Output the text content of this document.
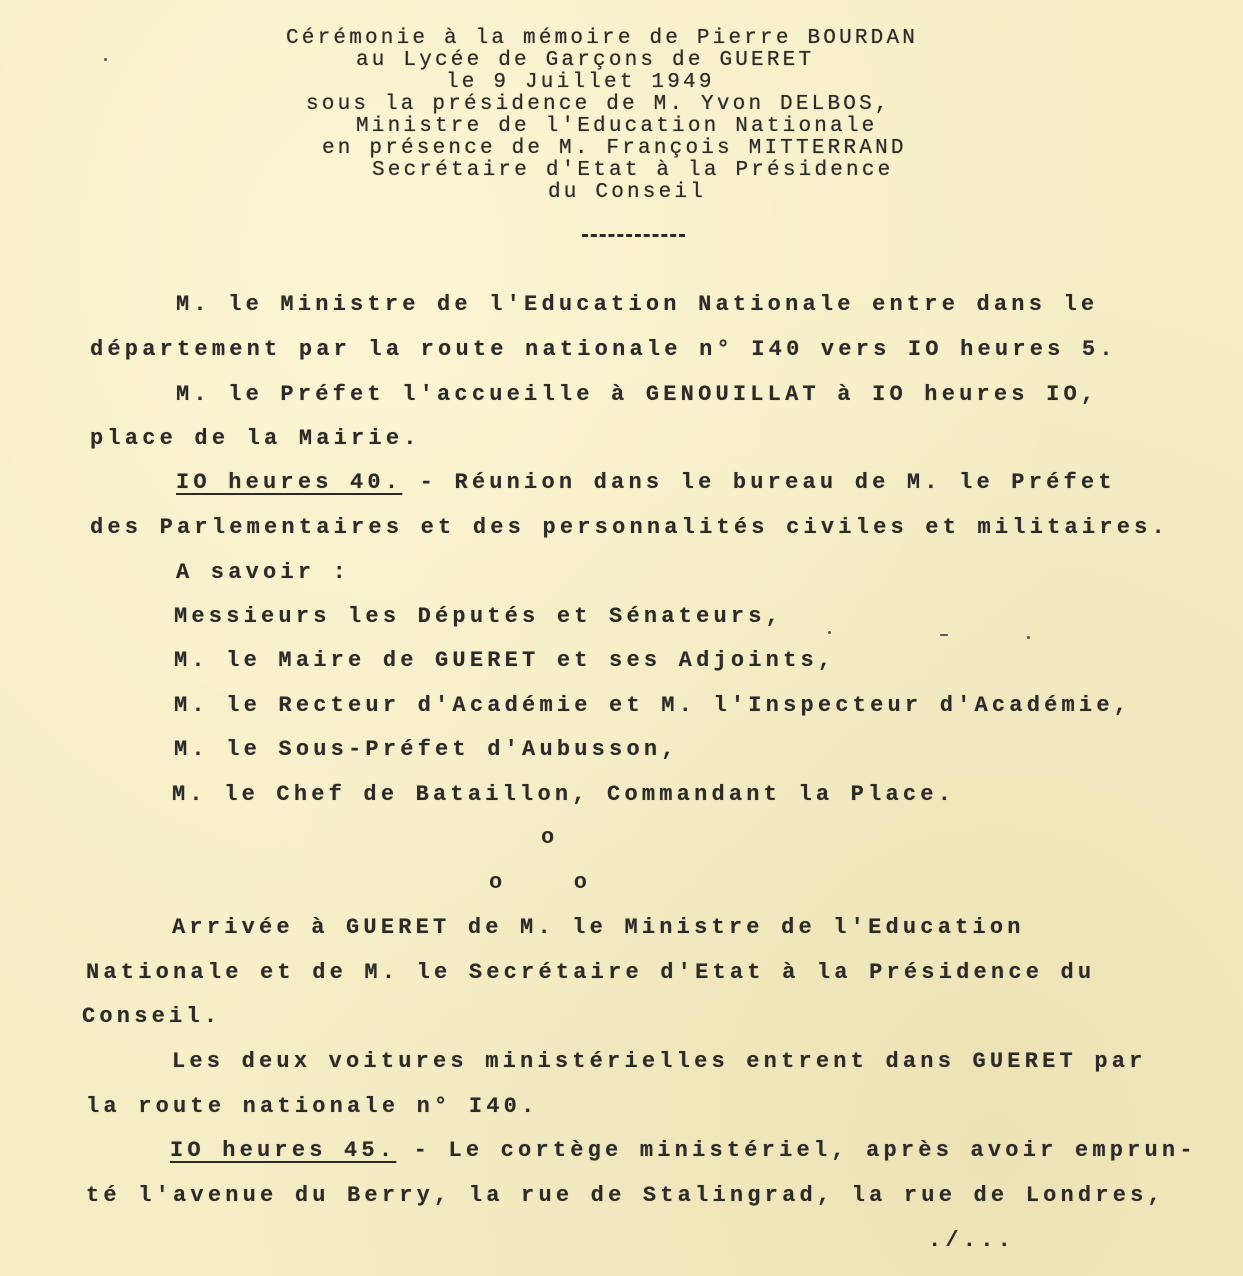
Cérémonie à la mémoire de Pierre BOURDAN
au Lycée de Garçons de GUERET
le 9 Juillet 1949
sous la présidence de M. Yvon DELBOS,
Ministre de l'Education Nationale
en présence de M. François MITTERRAND
Secrétaire d'Etat à la Présidence
du Conseil
M. le Ministre de l'Education Nationale entre dans le
département par la route nationale n° I40 vers IO heures 5.
M. le Préfet l'accueille à GENOUILLAT à IO heures IO,
place de la Mairie.
IO heures 40. - Réunion dans le bureau de M. le Préfet
des Parlementaires et des personnalités civiles et militaires.
A savoir :
Messieurs les Députés et Sénateurs,
M. le Maire de GUERET et ses Adjoints,
M. le Recteur d'Académie et M. l'Inspecteur d'Académie,
M. le Sous-Préfet d'Aubusson,
M. le Chef de Bataillon, Commandant la Place.
o
o   o
Arrivée à GUERET de M. le Ministre de l'Education
Nationale et de M. le Secrétaire d'Etat à la Présidence du
Conseil.
Les deux voitures ministérielles entrent dans GUERET par
la route nationale n° I40.
IO heures 45. - Le cortège ministériel, après avoir emprun-
té l'avenue du Berry, la rue de Stalingrad, la rue de Londres,
./...
